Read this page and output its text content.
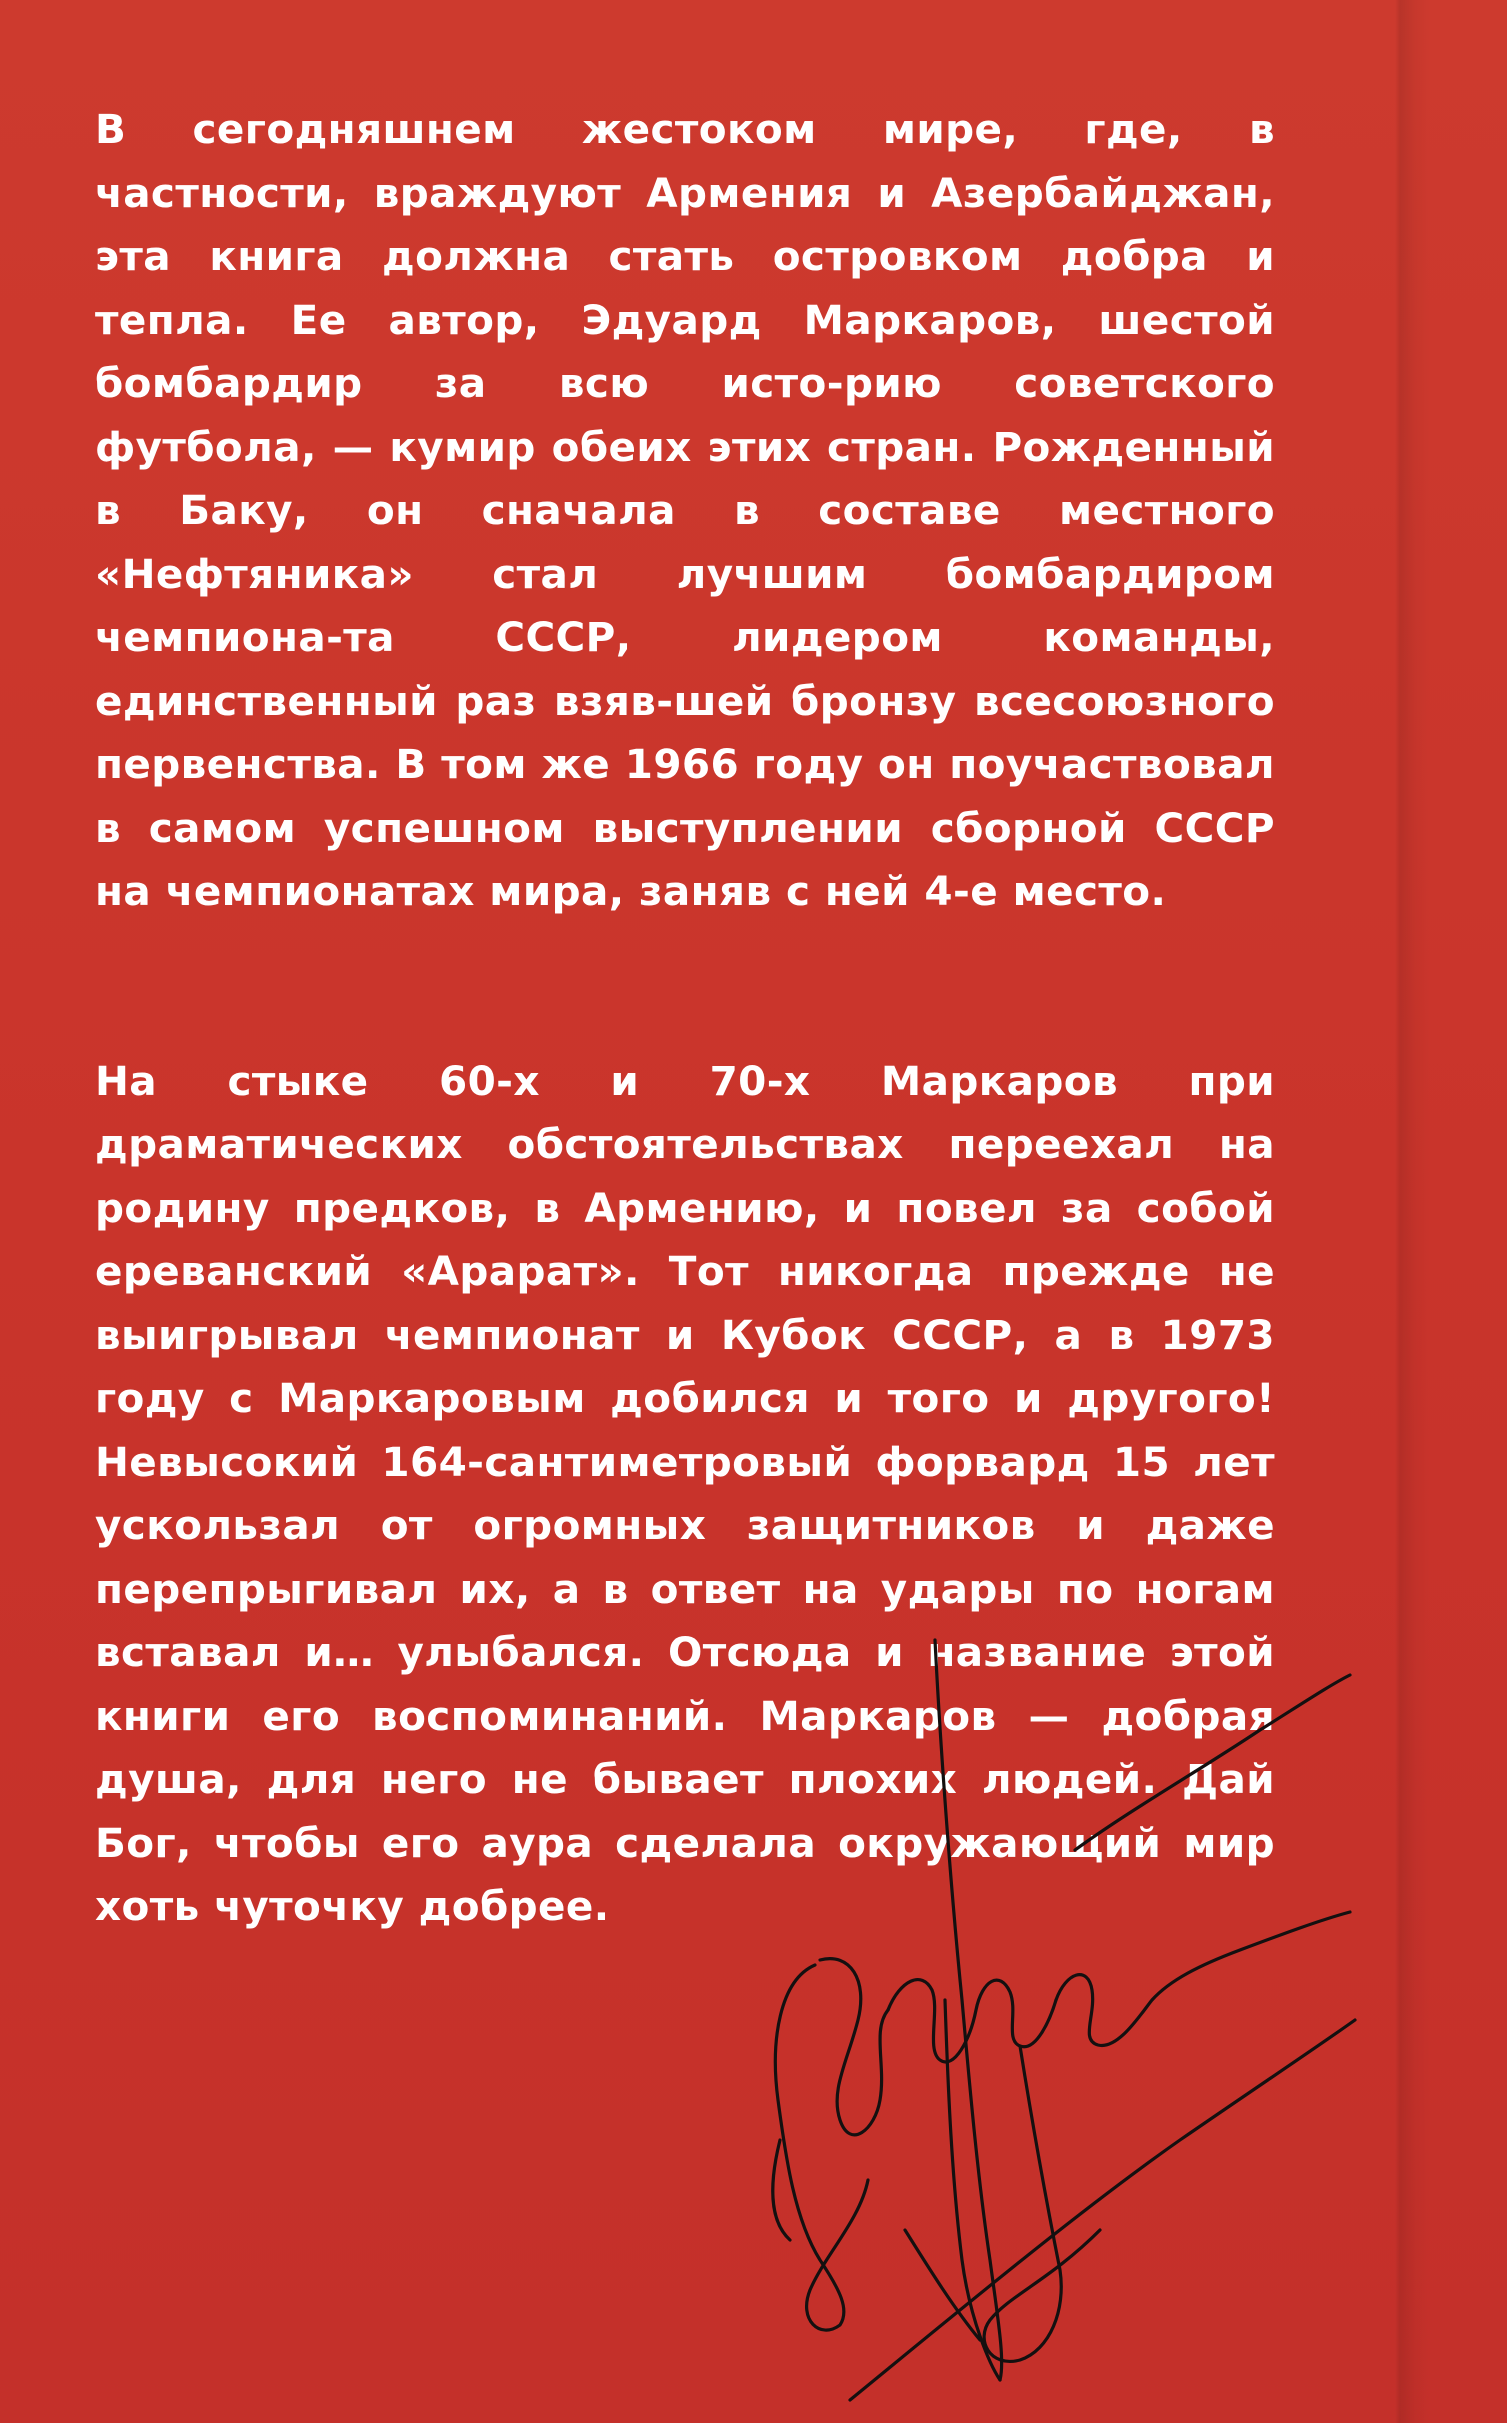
В сегодняшнем жестоком мире, где, в частности, враждуют Армения и Азербайджан, эта книга должна стать островком добра и тепла. Ее автор, Эдуард Маркаров, шестой бомбардир за всю исто-рию советского футбола, — кумир обеих этих стран. Рожденный в Баку, он сначала в составе местного «Нефтяника» стал лучшим бомбардиром чемпиона-та СССР, лидером команды, единственный раз взяв-шей бронзу всесоюзного первенства. В том же 1966 году он поучаствовал в самом успешном выступлении сборной СССР на чемпионатах мира, заняв с ней 4-е место.

На стыке 60-х и 70-х Маркаров при драматических обстоятельствах переехал на родину предков, в Армению, и повел за собой ереванский «Арарат». Тот никогда прежде не выигрывал чемпионат и Кубок СССР, а в 1973 году с Маркаровым добился и того и другого! Невысокий 164-сантиметровый форвард 15 лет ускользал от огромных защитников и даже перепрыгивал их, а в ответ на удары по ногам вставал и… улыбался. Отсюда и название этой книги его воспоминаний. Маркаров — добрая душа, для него не бывает плохих людей. Дай Бог, чтобы его аура сделала окружающий мир хоть чуточку добрее.
